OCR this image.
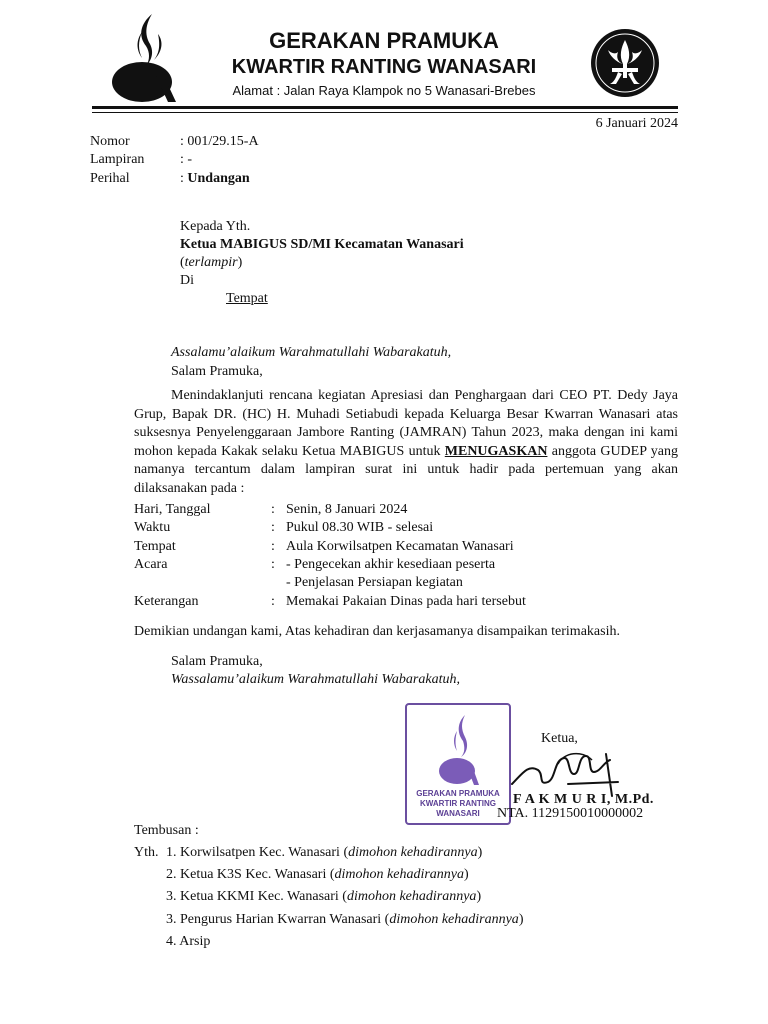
GERAKAN PRAMUKA
KWARTIR RANTING WANASARI
Alamat : Jalan Raya Klampok no 5 Wanasari-Brebes
6 Januari 2024
Nomor	: 001/29.15-A
Lampiran	: -
Perihal	: Undangan
Kepada Yth.
Ketua MABIGUS SD/MI Kecamatan Wanasari
(terlampir)
Di
Tempat
Assalamu’alaikum Warahmatullahi Wabarakatuh,
Salam Pramuka,

Menindaklanjuti rencana kegiatan Apresiasi dan Penghargaan dari CEO PT. Dedy Jaya Grup, Bapak DR. (HC) H. Muhadi Setiabudi kepada Keluarga Besar Kwarran Wanasari atas suksesnya Penyelenggaraan Jambore Ranting (JAMRAN) Tahun 2023, maka dengan ini kami mohon kepada Kakak selaku Ketua MABIGUS untuk MENUGASKAN anggota GUDEP yang namanya tercantum dalam lampiran surat ini untuk hadir pada pertemuan yang akan dilaksanakan pada :

Hari, Tanggal	: Senin, 8 Januari 2024
Waktu	: Pukul 08.30 WIB - selesai
Tempat	: Aula Korwilsatpen Kecamatan Wanasari
Acara	: - Pengecekan akhir kesediaan peserta
- Penjelasan Persiapan kegiatan
Keterangan	: Memakai Pakaian Dinas pada hari tersebut
Demikian undangan kami, Atas kehadiran dan kerjasamanya disampaikan terimakasih.
Salam Pramuka,
Wassalamu’alaikum Warahmatullahi Wabarakatuh,
GERAKAN PRAMUKA
KWARTIR RANTING
WANASARI
Ketua,
F A K M U R I, M.Pd.
NTA. 1129150010000002
Tembusan :
Yth. 1. Korwilsatpen Kec. Wanasari (dimohon kehadirannya)
2. Ketua K3S Kec. Wanasari (dimohon kehadirannya)
3. Ketua KKMI Kec. Wanasari (dimohon kehadirannya)
3. Pengurus Harian Kwarran Wanasari (dimohon kehadirannya)
4. Arsip
